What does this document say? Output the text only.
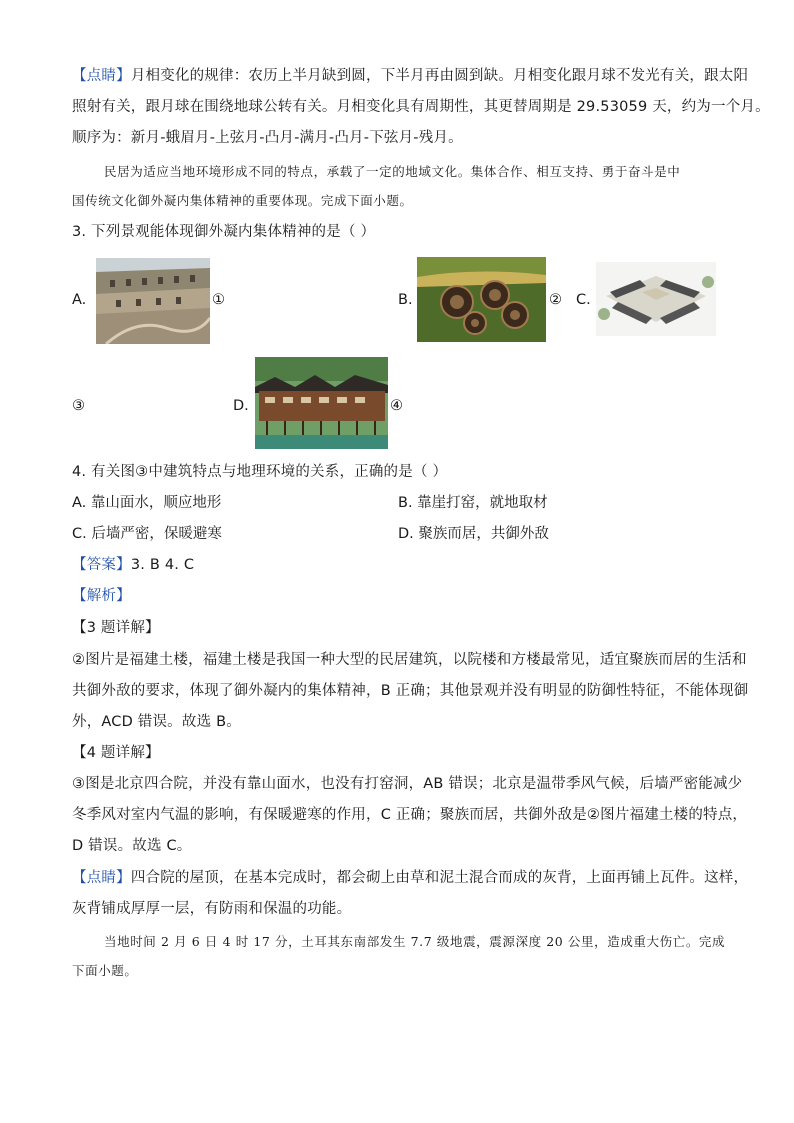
【点睛】月相变化的规律：农历上半月缺到圆，下半月再由圆到缺。月相变化跟月球不发光有关，跟太阳
照射有关，跟月球在围绕地球公转有关。月相变化具有周期性，其更替周期是 29.53059 天，约为一个月。
顺序为：新月-蛾眉月-上弦月-凸月-满月-凸月-下弦月-残月。
民居为适应当地环境形成不同的特点，承载了一定的地域文化。集体合作、相互支持、勇于奋斗是中
国传统文化御外凝内集体精神的重要体现。完成下面小题。
3. 下列景观能体现御外凝内集体精神的是（ ）
A.	①	B.	② C.
③	D.	④
4. 有关图③中建筑特点与地理环境的关系，正确的是（ ）
A. 靠山面水，顺应地形	B. 靠崖打窑，就地取材
C. 后墙严密，保暖避寒	D. 聚族而居，共御外敌
【答案】3. B 4. C
【解析】
【3 题详解】
②图片是福建土楼，福建土楼是我国一种大型的民居建筑，以院楼和方楼最常见，适宜聚族而居的生活和
共御外敌的要求，体现了御外凝内的集体精神，B 正确；其他景观并没有明显的防御性特征，不能体现御
外，ACD 错误。故选 B。
【4 题详解】
③图是北京四合院，并没有靠山面水，也没有打窑洞，AB 错误；北京是温带季风气候，后墙严密能减少
冬季风对室内气温的影响，有保暖避寒的作用，C 正确；聚族而居，共御外敌是②图片福建土楼的特点，
D 错误。故选 C。
【点睛】四合院的屋顶，在基本完成时，都会砌上由草和泥土混合而成的灰背，上面再铺上瓦件。这样，
灰背铺成厚厚一层，有防雨和保温的功能。
当地时间 2 月 6 日 4 时 17 分，土耳其东南部发生 7.7 级地震，震源深度 20 公里，造成重大伤亡。完成
下面小题。
